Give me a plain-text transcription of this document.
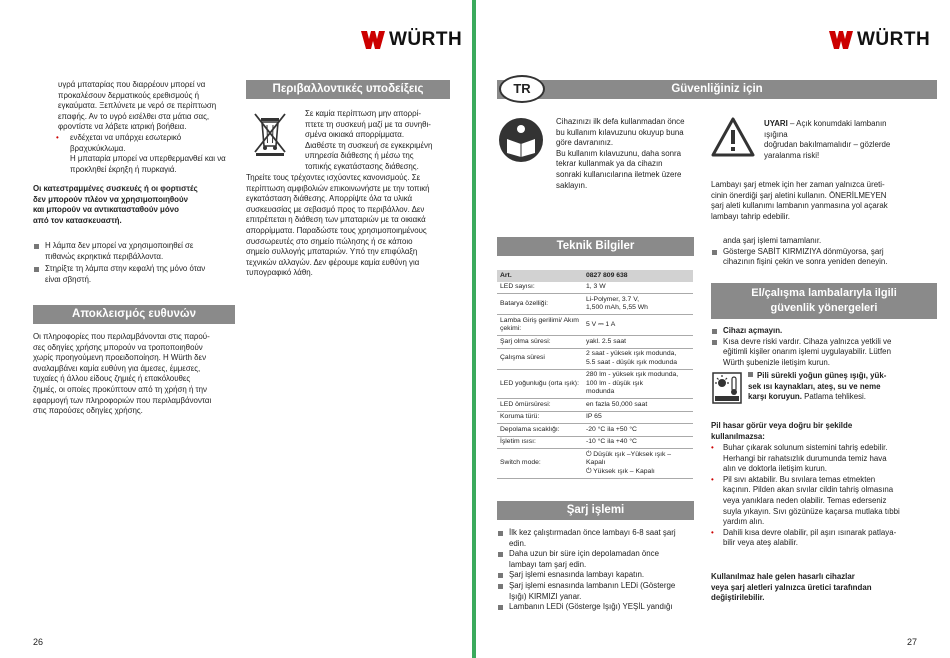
WÜRTH

υγρά μπαταρίας που διαρρέουν μπορεί να

προκαλέσουν δερματικούς ερεθισμούς ή

εγκαύματα. Ξεπλύνετε με νερό σε περίπτωση

επαφής. Αν το υγρό εισέλθει στα μάτια σας,

φροντίστε να λάβετε ιατρική βοήθεια.

• ενδέχεται να υπάρχει εσωτερικό βραχυκύκλωμα.

Η μπαταρία μπορεί να υπερθερμανθεί και να

προκληθεί έκρηξη ή πυρκαγιά.

Οι κατεστραμμένες συσκευές ή οι φορτιστές

δεν μπορούν πλέον να χρησιμοποιηθούν

και μπορούν να αντικατασταθούν μόνο

από τον κατασκευαστή.

Η λάμπα δεν μπορεί να χρησιμοποιηθεί σε

πιθανώς εκρηκτικά περιβάλλοντα.

Στηρίξτε τη λάμπα στην κεφαλή της μόνο όταν

είναι σβηστή.

Αποκλεισμός ευθυνών

Οι πληροφορίες που περιλαμβάνονται στις παρού-

σες οδηγίες χρήσης μπορούν να τροποποιηθούν

χωρίς προηγούμενη προειδοποίηση. Η Würth δεν

αναλαμβάνει καμία ευθύνη για άμεσες, έμμεσες,

τυχαίες ή άλλου είδους ζημιές ή επακόλουθες

ζημιές, οι οποίες προκύπτουν από τη χρήση ή την

εφαρμογή των πληροφοριών που περιλαμβάνονται

στις παρούσες οδηγίες χρήσης.

Περιβαλλοντικές υποδείξεις

Σε καμία περίπτωση μην απορρί-

πτετε τη συσκευή μαζί με τα συνηθι-

σμένα οικιακά απορρίμματα.

Διαθέστε τη συσκευή σε εγκεκριμένη

υπηρεσία διάθεσης ή μέσω της

τοπικής εγκατάστασης διάθεσης.

Τηρείτε τους τρέχοντες ισχύοντες κανονισμούς. Σε

περίπτωση αμφιβολιών επικοινωνήστε με την τοπική

εγκατάσταση διάθεσης. Απορρίψτε όλα τα υλικά

συσκευασίας με σεβασμό προς το περιβάλλον. Δεν

επιτρέπεται η διάθεση των μπαταριών με τα οικιακά

απορρίμματα. Παραδώστε τους χρησιμοποιημένους

συσσωρευτές στο σημείο πώλησης ή σε κάποιο

σημείο συλλογής μπαταριών. Υπό την επιφύλαξη

τεχνικών αλλαγών. Δεν φέρουμε καμία ευθύνη για

τυπογραφικό λάθη.

26
WÜRTH
Güvenliğiniz için
TR

Cihazınızı ilk defa kullanmadan önce

bu kullanım kılavuzunu okuyup buna

göre davranınız.

Bu kullanım kılavuzunu, daha sonra

tekrar kullanmak ya da cihazın

sonraki kullanıcılarına iletmek üzere

saklayın.

UYARI – Açık konumdaki lambanın

ışığına

doğrudan bakılmamalıdır – gözlerde

yaralanma riski!

Lambayı şarj etmek için her zaman yalnızca üreti-

cinin önerdiği şarj aletini kullanın. ÖNERİLMEYEN

şarj aleti kullanımı lambanın yanmasına yol açarak

lambayı tahrip edebilir.

Teknik Bilgiler
Art.	0827 809 638
LED sayısı:	1, 3 W

Batarya özelliği:	Li-Polymer, 3.7 V,
1,500 mAh, 5,55 Wh

Lamba Giriş gerilimi/ Akım çekimi:	5 V ⎓ 1 A

Şarj olma süresi:	yakl. 2.5 saat

Çalışma süresi	2 saat - yüksek ışık modunda,
5.5 saat - düşük ışık modunda

LED yoğunluğu (orta ışık):	280 lm - yüksek ışık modunda,
100 lm - düşük ışık
modunda

LED ömürsüresi:	en fazla 50,000 saat

Koruma türü:	IP 65

Depolama sıcaklığı:	-20 °C ila +50 °C

İşletim ısısı:	-10 °C ila +40 °C

Switch mode:	⏻ Düşük ışık –Yüksek ışık –Kapalı
⏻ Yüksek ışık – Kapalı
Şarj işlemi

İlk kez çalıştırmadan önce lambayı 6-8 saat şarj

edin.

Daha uzun bir süre için depolamadan önce

lambayı tam şarj edin.

Şarj işlemi esnasında lambayı kapatın.

Şarj işlemi esnasında lambanın LEDi (Gösterge

Işığı) KIRMIZI yanar.

Lambanın LEDi (Gösterge Işığı) YEŞİL yandığı

anda şarj işlemi tamamlanır.

Gösterge SABİT KIRMIZIYA dönmüyorsa, şarj

cihazının fişini çekin ve sonra yeniden deneyin.

El/çalışma lambalarıyla ilgili
güvenlik yönergeleri

Cihazı açmayın.

Kısa devre riski vardır. Cihaza yalnızca yetkili ve

eğitimli kişiler onarım işlemi uygulayabilir. Lütfen

Würth şubenizle iletişim kurun.

Pili sürekli yoğun güneş ışığı, yük-

sek ısı kaynakları, ateş, su ve neme

karşı koruyun. Patlama tehlikesi.

Pil hasar görür veya doğru bir şekilde

kullanılmazsa:

• Buhar çıkarak solunum sistemini tahriş edebilir.

Herhangi bir rahatsızlık durumunda temiz hava

alın ve doktorla iletişim kurun.

• Pil sıvı aktabilir. Bu sıvılara temas etmekten

kaçının. Pilden akan sıvılar cildin tahriş olmasına

veya yanıklara neden olabilir. Temas ederseniz

suyla yıkayın. Sıvı gözünüze kaçarsa mutlaka tıbbi

yardım alın.

• Dahili kısa devre olabilir, pil aşırı ısınarak patlaya-

bilir veya ateş alabilir.

Kullanılmaz hale gelen hasarlı cihazlar

veya şarj aletleri yalnızca üretici tarafından

değiştirilebilir.

27
